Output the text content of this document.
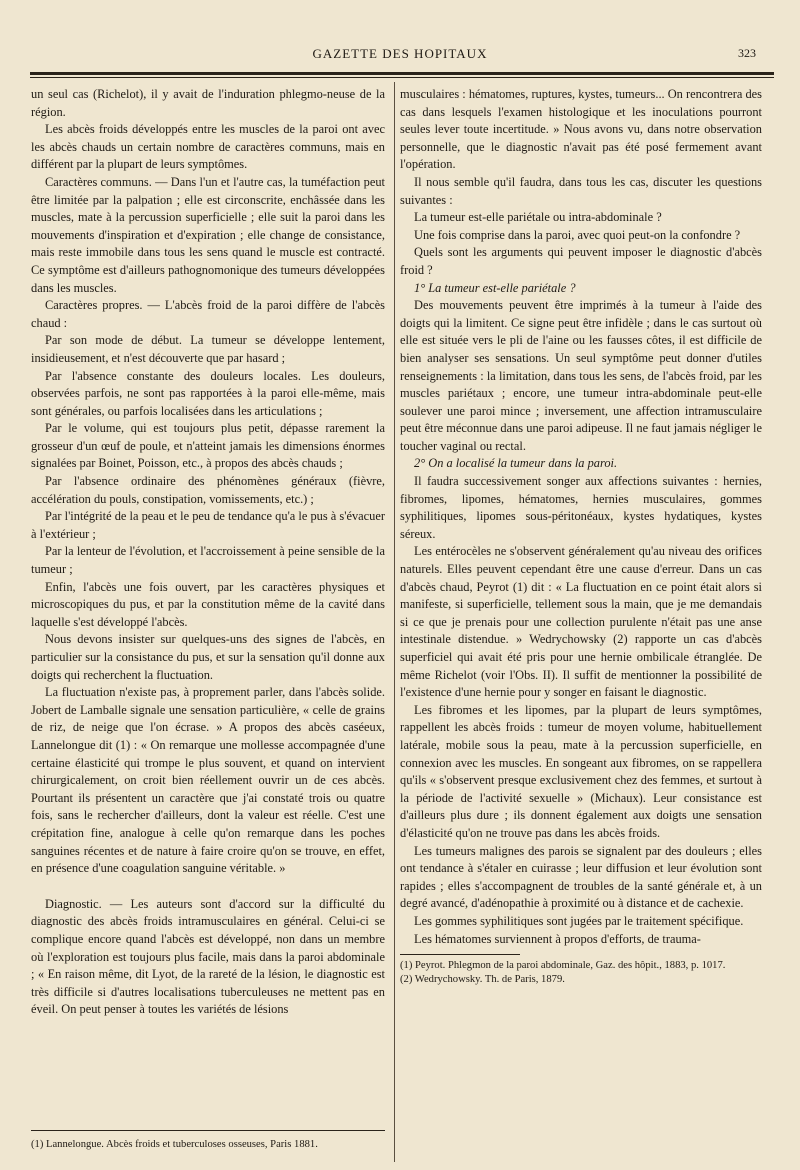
GAZETTE DES HOPITAUX	323

un seul cas (Richelot), il y avait de l'induration phlegmo-neuse de la région.

Les abcès froids développés entre les muscles de la paroi ont avec les abcès chauds un certain nombre de caractères communs, mais en différent par la plupart de leurs symptômes.

Caractères communs. — Dans l'un et l'autre cas, la tuméfaction peut être limitée par la palpation ; elle est circonscrite, enchâssée dans les muscles, mate à la percussion superficielle ; elle suit la paroi dans les mouvements d'inspiration et d'expiration ; elle change de consistance, mais reste immobile dans tous les sens quand le muscle est contracté. Ce symptôme est d'ailleurs pathognomonique des tumeurs développées dans les muscles.

Caractères propres. — L'abcès froid de la paroi diffère de l'abcès chaud :

Par son mode de début. La tumeur se développe lentement, insidieusement, et n'est découverte que par hasard ;

Par l'absence constante des douleurs locales. Les douleurs, observées parfois, ne sont pas rapportées à la paroi elle-même, mais sont générales, ou parfois localisées dans les articulations ;

Par le volume, qui est toujours plus petit, dépasse rarement la grosseur d'un œuf de poule, et n'atteint jamais les dimensions énormes signalées par Boinet, Poisson, etc., à propos des abcès chauds ;

Par l'absence ordinaire des phénomènes généraux (fièvre, accélération du pouls, constipation, vomissements, etc.) ;

Par l'intégrité de la peau et le peu de tendance qu'a le pus à s'évacuer à l'extérieur ;

Par la lenteur de l'évolution, et l'accroissement à peine sensible de la tumeur ;

Enfin, l'abcès une fois ouvert, par les caractères physiques et microscopiques du pus, et par la constitution même de la cavité dans laquelle s'est développé l'abcès.

Nous devons insister sur quelques-uns des signes de l'abcès, en particulier sur la consistance du pus, et sur la sensation qu'il donne aux doigts qui recherchent la fluctuation.

La fluctuation n'existe pas, à proprement parler, dans l'abcès solide. Jobert de Lamballe signale une sensation particulière, « celle de grains de riz, de neige que l'on écrase. » A propos des abcès caséeux, Lannelongue dit (1) : « On remarque une mollesse accompagnée d'une certaine élasticité qui trompe le plus souvent, et quand on intervient chirurgicalement, on croit bien réellement ouvrir un de ces abcès. Pourtant ils présentent un caractère que j'ai constaté trois ou quatre fois, sans le rechercher d'ailleurs, dont la valeur est réelle. C'est une crépitation fine, analogue à celle qu'on remarque dans les poches sanguines récentes et de nature à faire croire qu'on se trouve, en effet, en présence d'une coagulation sanguine véritable. »

Diagnostic. — Les auteurs sont d'accord sur la difficulté du diagnostic des abcès froids intramusculaires en général. Celui-ci se complique encore quand l'abcès est développé, non dans un membre où l'exploration est toujours plus facile, mais dans la paroi abdominale ; « En raison même, dit Lyot, de la rareté de la lésion, le diagnostic est très difficile si d'autres localisations tuberculeuses ne mettent pas en éveil. On peut penser à toutes les variétés de lésions

(1) Lannelongue. Abcès froids et tuberculoses osseuses, Paris 1881.

musculaires : hématomes, ruptures, kystes, tumeurs... On rencontrera des cas dans lesquels l'examen histologique et les inoculations pourront seules lever toute incertitude. » Nous avons vu, dans notre observation personnelle, que le diagnostic n'avait pas été posé fermement avant l'opération.

Il nous semble qu'il faudra, dans tous les cas, discuter les questions suivantes :

La tumeur est-elle pariétale ou intra-abdominale ?

Une fois comprise dans la paroi, avec quoi peut-on la confondre ?

Quels sont les arguments qui peuvent imposer le diagnostic d'abcès froid ?

1° La tumeur est-elle pariétale ?

Des mouvements peuvent être imprimés à la tumeur à l'aide des doigts qui la limitent. Ce signe peut être infidèle ; dans le cas surtout où elle est située vers le pli de l'aine ou les fausses côtes, il est difficile de bien analyser ses sensations. Un seul symptôme peut donner d'utiles renseignements : la limitation, dans tous les sens, de l'abcès froid, par les muscles pariétaux ; encore, une tumeur intra-abdominale peut-elle soulever une paroi mince ; inversement, une affection intramusculaire peut être méconnue dans une paroi adipeuse. Il ne faut jamais négliger le toucher vaginal ou rectal.

2° On a localisé la tumeur dans la paroi.

Il faudra successivement songer aux affections suivantes : hernies, fibromes, lipomes, hématomes, hernies musculaires, gommes syphilitiques, lipomes sous-péritonéaux, kystes hydatiques, kystes séreux.

Les entérocèles ne s'observent généralement qu'au niveau des orifices naturels. Elles peuvent cependant être une cause d'erreur. Dans un cas d'abcès chaud, Peyrot (1) dit : « La fluctuation en ce point était alors si manifeste, si superficielle, tellement sous la main, que je me demandais si ce que je prenais pour une collection purulente n'était pas une anse intestinale distendue. » Wedrychowsky (2) rapporte un cas d'abcès superficiel qui avait été pris pour une hernie ombilicale étranglée. De même Richelot (voir l'Obs. II). Il suffit de mentionner la possibilité de l'existence d'une hernie pour y songer en faisant le diagnostic.

Les fibromes et les lipomes, par la plupart de leurs symptômes, rappellent les abcès froids : tumeur de moyen volume, habituellement latérale, mobile sous la peau, mate à la percussion superficielle, en connexion avec les muscles. En songeant aux fibromes, on se rappellera qu'ils « s'observent presque exclusivement chez des femmes, et surtout à la période de l'activité sexuelle » (Michaux). Leur consistance est d'ailleurs plus dure ; ils donnent également aux doigts une sensation d'élasticité qu'on ne trouve pas dans les abcès froids.

Les tumeurs malignes des parois se signalent par des douleurs ; elles ont tendance à s'étaler en cuirasse ; leur diffusion et leur évolution sont rapides ; elles s'accompagnent de troubles de la santé générale et, à un degré avancé, d'adénopathie à proximité ou à distance et de cachexie.

Les gommes syphilitiques sont jugées par le traitement spécifique.

Les hématomes surviennent à propos d'efforts, de trauma-

(1) Peyrot. Phlegmon de la paroi abdominale, Gaz. des hôpit., 1883, p. 1017.

(2) Wedrychowsky. Th. de Paris, 1879.
